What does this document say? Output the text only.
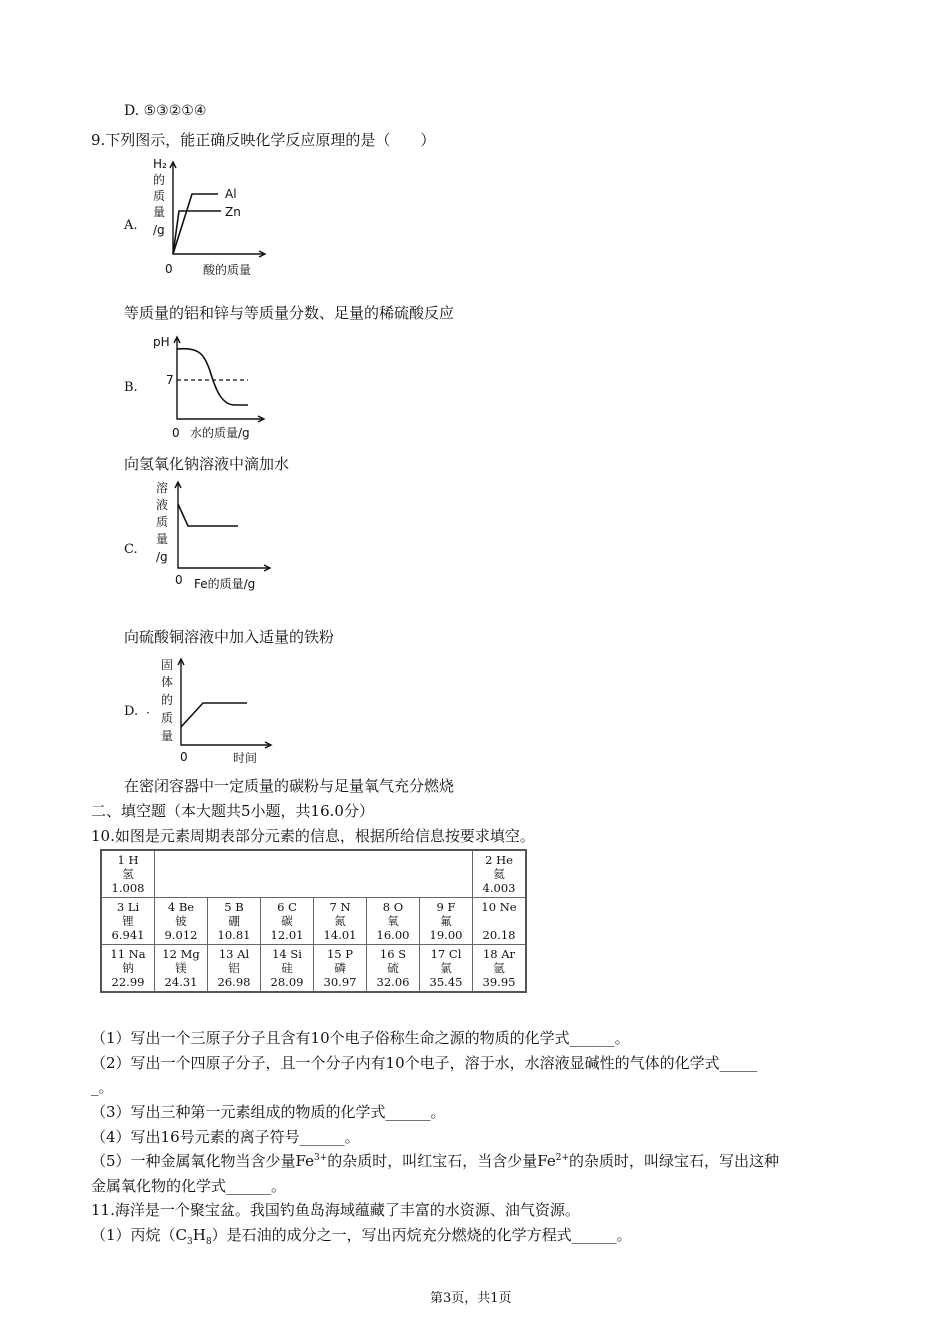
D. ⑤③②①④
9.下列图示，能正确反映化学反应原理的是（　　）
A.
H₂
的
质
量
/g
Al
Zn
0	酸的质量
等质量的铝和锌与等质量分数、足量的稀硫酸反应
B.
pH
7
0 水的质量/g
向氢氧化钠溶液中滴加水
C.
溶
液
质
量
/g
0 Fe的质量/g
向硫酸铜溶液中加入适量的铁粉
D. ·
固
体
的
质
量
0	时间
在密闭容器中一定质量的碳粉与足量氧气充分燃烧
二、填空题（本大题共5小题，共16.0分）
10.如图是元素周期表部分元素的信息，根据所给信息按要求填空。
1 H
氢
1.008							2 He
氦
4.003
3 Li
锂
6.941	4 Be
铍
9.012	5 B
硼
10.81	6 C
碳
12.01	7 N
氮
14.01	8 O
氧
16.00	9 F
氟
19.00	10 Ne

20.18
11 Na
钠
22.99	12 Mg
镁
24.31	13 Al
铝
26.98	14 Si
硅
28.09	15 P
磷
30.97	16 S
硫
32.06	17 Cl
氯
35.45	18 Ar
氩
39.95
（1）写出一个三原子分子且含有10个电子俗称生命之源的物质的化学式______。
（2）写出一个四原子分子，且一个分子内有10个电子，溶于水，水溶液显碱性的气体的化学式_____
_。
（3）写出三种第一元素组成的物质的化学式______。
（4）写出16号元素的离子符号______。
（5）一种金属氧化物当含少量$Fe^{3+}$的杂质时，叫红宝石，当含少量$Fe^{2+}$的杂质时，叫绿宝石，写出这种
金属氧化物的化学式______。
11.海洋是一个聚宝盆。我国钓鱼岛海域蕴藏了丰富的水资源、油气资源。
（1）丙烷$(C_3H_8)$是石油的成分之一，写出丙烷充分燃烧的化学方程式______。
第3页，共1页
